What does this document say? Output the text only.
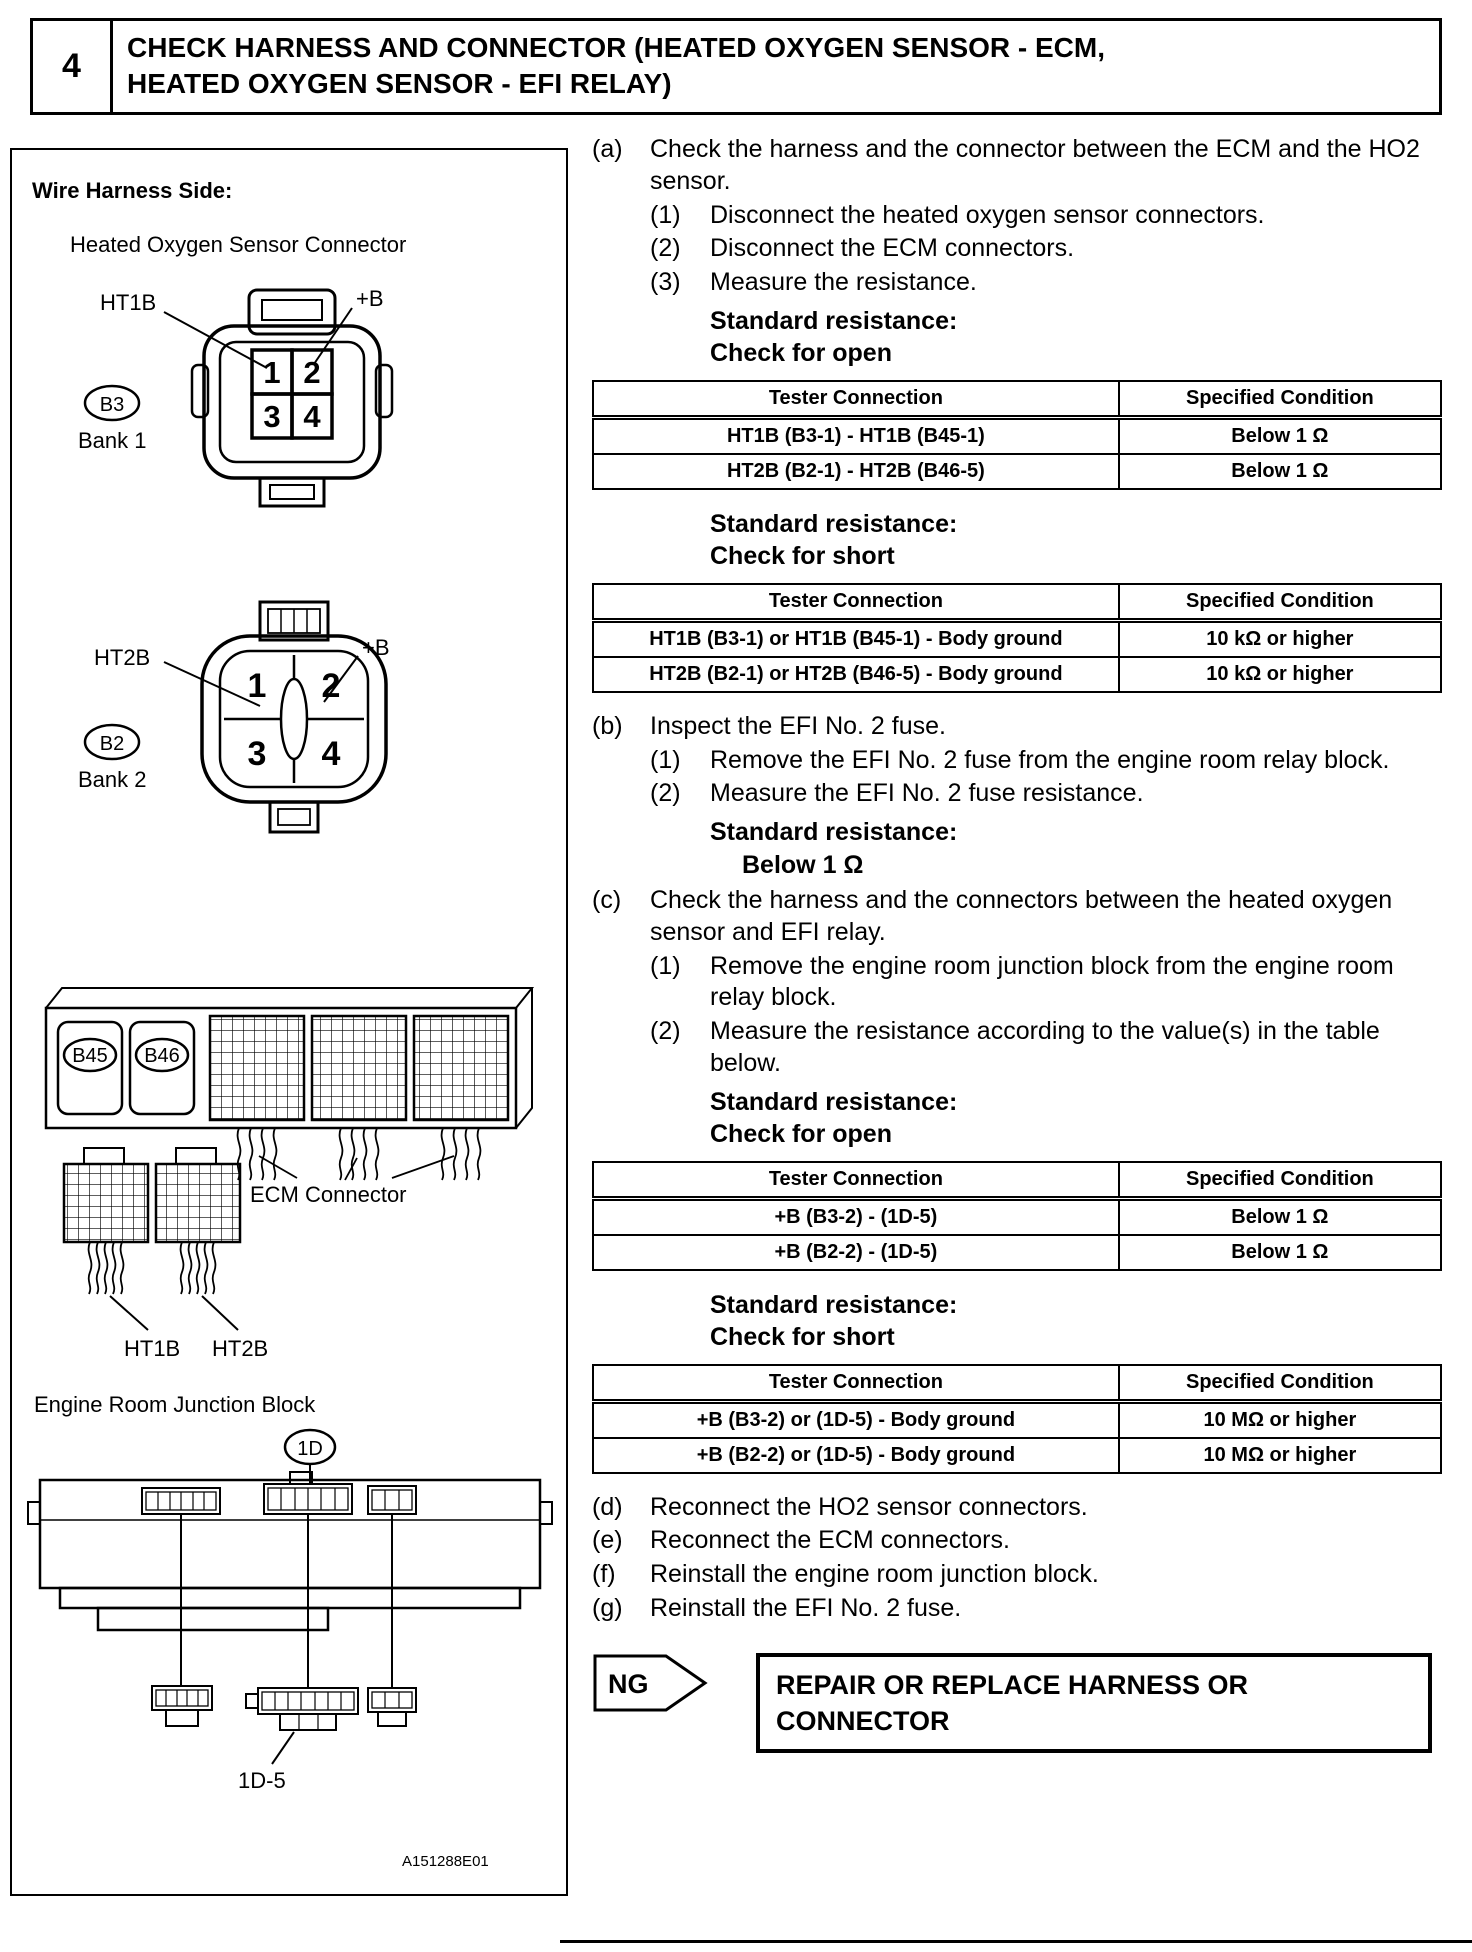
4	CHECK HARNESS AND CONNECTOR (HEATED OXYGEN SENSOR - ECM, HEATED OXYGEN SENSOR - EFI RELAY)
Wire Harness Side:
Heated Oxygen Sensor Connector
HT1B	+B
1 2
3 4
B3
Bank 1
HT2B	+B
1 2
3 4
B2
Bank 2
B45 B46
ECM Connector
HT1B HT2B
Engine Room Junction Block
1D
1D-5
A151288E01
(a)	Check the harness and the connector between the ECM and the HO2 sensor.
(1)	Disconnect the heated oxygen sensor connectors.
(2)	Disconnect the ECM connectors.
(3)	Measure the resistance.
Standard resistance:
Check for open
Tester Connection	Specified Condition
HT1B (B3-1) - HT1B (B45-1)	Below 1 Ω
HT2B (B2-1) - HT2B (B46-5)	Below 1 Ω
Standard resistance:
Check for short
Tester Connection	Specified Condition
HT1B (B3-1) or HT1B (B45-1) - Body ground	10 kΩ or higher
HT2B (B2-1) or HT2B (B46-5) - Body ground	10 kΩ or higher
(b)	Inspect the EFI No. 2 fuse.
(1)	Remove the EFI No. 2 fuse from the engine room relay block.
(2)	Measure the EFI No. 2 fuse resistance.
Standard resistance:
Below 1 Ω
(c)	Check the harness and the connectors between the heated oxygen sensor and EFI relay.
(1)	Remove the engine room junction block from the engine room relay block.
(2)	Measure the resistance according to the value(s) in the table below.
Standard resistance:
Check for open
Tester Connection	Specified Condition
+B (B3-2) - (1D-5)	Below 1 Ω
+B (B2-2) - (1D-5)	Below 1 Ω
Standard resistance:
Check for short
Tester Connection	Specified Condition
+B (B3-2) or (1D-5) - Body ground	10 MΩ or higher
+B (B2-2) or (1D-5) - Body ground	10 MΩ or higher
(d)	Reconnect the HO2 sensor connectors.
(e)	Reconnect the ECM connectors.
(f)	Reinstall the engine room junction block.
(g)	Reinstall the EFI No. 2 fuse.
NG	REPAIR OR REPLACE HARNESS OR CONNECTOR
